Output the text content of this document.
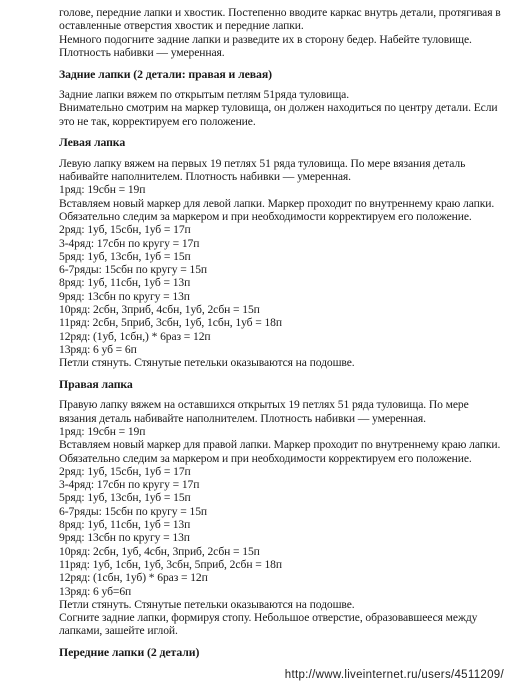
голове, передние лапки и хвостик. Постепенно вводите каркас внутрь детали, протягивая в
оставленные отверстия хвостик и передние лапки.
Немного подогните задние лапки и разведите их в сторону бедер. Набейте туловище.
Плотность набивки — умеренная.
Задние лапки (2 детали: правая и левая)
Задние лапки вяжем по открытым петлям 51ряда туловища.
Внимательно смотрим на маркер туловища, он должен находиться по центру детали. Если
это не так, корректируем его положение.
Левая лапка
Левую лапку вяжем на первых 19 петлях 51 ряда туловища. По мере вязания деталь
набивайте наполнителем. Плотность набивки — умеренная.
1ряд: 19сбн = 19п
Вставляем новый маркер для левой лапки. Маркер проходит по внутреннему краю лапки.
Обязательно следим за маркером и при необходимости корректируем его положение.
2ряд: 1уб, 15сбн, 1уб = 17п
3-4ряд: 17сбн по кругу = 17п
5ряд: 1уб, 13сбн, 1уб = 15п
6-7ряды: 15сбн по кругу = 15п
8ряд: 1уб, 11сбн, 1уб = 13п
9ряд: 13сбн по кругу = 13п
10ряд: 2сбн, 3приб, 4сбн, 1уб, 2сбн = 15п
11ряд: 2сбн, 5приб, 3сбн, 1уб, 1сбн, 1уб = 18п
12ряд: (1уб, 1сбн,) * 6раз = 12п
13ряд: 6 уб = 6п
Петли стянуть. Стянутые петельки оказываются на подошве.
Правая лапка
Правую лапку вяжем на оставшихся открытых 19 петлях 51 ряда туловища. По мере
вязания деталь набивайте наполнителем. Плотность набивки — умеренная.
1ряд: 19сбн = 19п
Вставляем новый маркер для правой лапки. Маркер проходит по внутреннему краю лапки.
Обязательно следим за маркером и при необходимости корректируем его положение.
2ряд: 1уб, 15сбн, 1уб = 17п
3-4ряд: 17сбн по кругу = 17п
5ряд: 1уб, 13сбн, 1уб = 15п
6-7ряды: 15сбн по кругу = 15п
8ряд: 1уб, 11сбн, 1уб = 13п
9ряд: 13сбн по кругу = 13п
10ряд: 2сбн, 1уб, 4сбн, 3приб, 2сбн = 15п
11ряд: 1уб, 1сбн, 1уб, 3сбн, 5приб, 2сбн = 18п
12ряд: (1сбн, 1уб) * 6раз = 12п
13ряд: 6 уб=6п
Петли стянуть. Стянутые петельки оказываются на подошве.
Согните задние лапки, формируя стопу. Небольшое отверстие, образовавшееся между
лапками, зашейте иглой.
Передние лапки (2 детали)
http://www.liveinternet.ru/users/4511209/
